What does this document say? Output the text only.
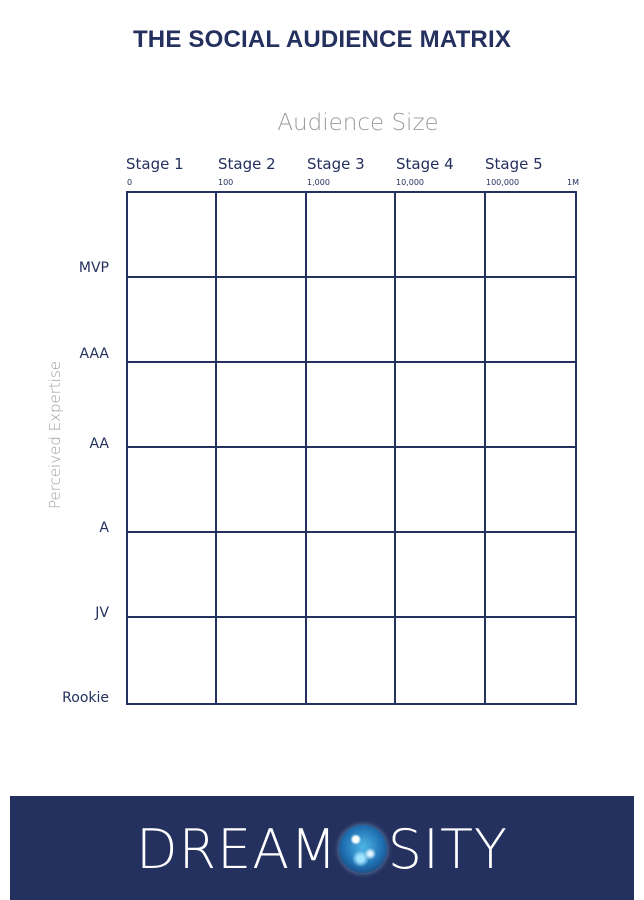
THE SOCIAL AUDIENCE MATRIX
Audience Size
Stage 1 Stage 2 Stage 3 Stage 4 Stage 5
0	100	1,000	10,000	100,000	1M
Perceived Expertise
MVP
AAA
AA
A
JV
Rookie
DREAM SITY
